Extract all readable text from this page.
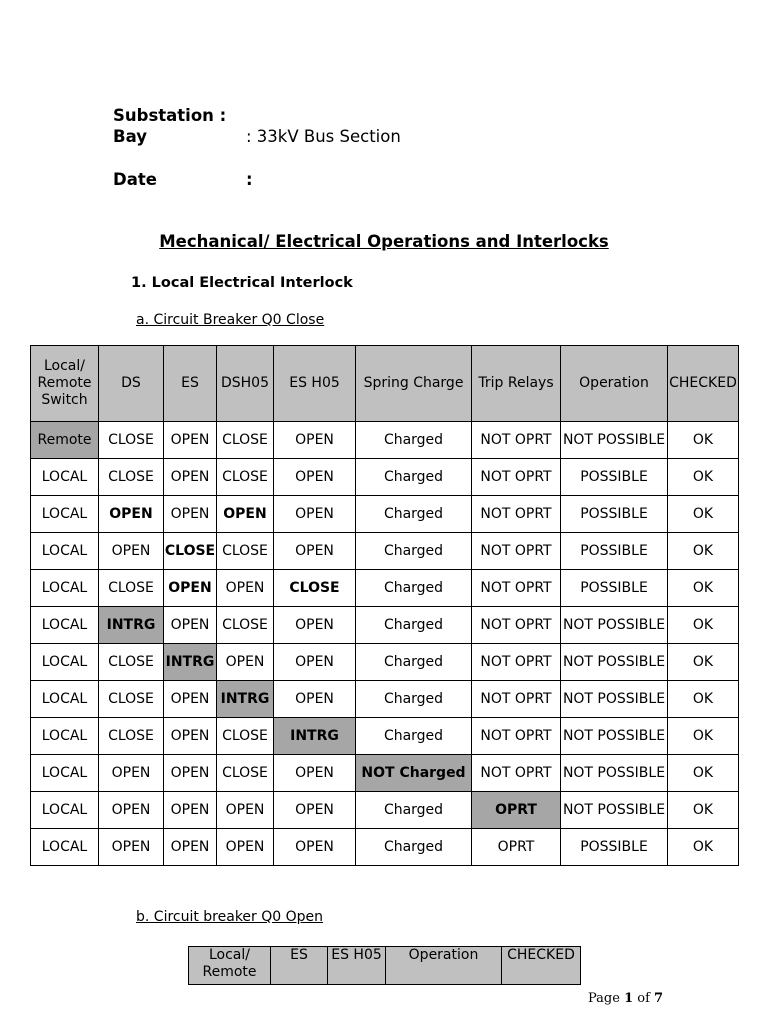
Substation :
Bay	: 33kV Bus Section
Date	:
Mechanical/ Electrical Operations and Interlocks
1. Local Electrical Interlock
a. Circuit Breaker Q0 Close
Local/ Remote Switch	DS	ES	DSH05	ES H05	Spring Charge	Trip Relays	Operation	CHECKED
Remote	CLOSE	OPEN	CLOSE	OPEN	Charged	NOT OPRT	NOT POSSIBLE	OK
LOCAL	CLOSE	OPEN	CLOSE	OPEN	Charged	NOT OPRT	POSSIBLE	OK
LOCAL	OPEN	OPEN	OPEN	OPEN	Charged	NOT OPRT	POSSIBLE	OK
LOCAL	OPEN	CLOSE	CLOSE	OPEN	Charged	NOT OPRT	POSSIBLE	OK
LOCAL	CLOSE	OPEN	OPEN	CLOSE	Charged	NOT OPRT	POSSIBLE	OK
LOCAL	INTRG	OPEN	CLOSE	OPEN	Charged	NOT OPRT	NOT POSSIBLE	OK
LOCAL	CLOSE	INTRG	OPEN	OPEN	Charged	NOT OPRT	NOT POSSIBLE	OK
LOCAL	CLOSE	OPEN	INTRG	OPEN	Charged	NOT OPRT	NOT POSSIBLE	OK
LOCAL	CLOSE	OPEN	CLOSE	INTRG	Charged	NOT OPRT	NOT POSSIBLE	OK
LOCAL	OPEN	OPEN	CLOSE	OPEN	NOT Charged	NOT OPRT	NOT POSSIBLE	OK
LOCAL	OPEN	OPEN	OPEN	OPEN	Charged	OPRT	NOT POSSIBLE	OK
LOCAL	OPEN	OPEN	OPEN	OPEN	Charged	OPRT	POSSIBLE	OK
b. Circuit breaker Q0 Open
Local/ Remote	ES	ES H05	Operation	CHECKED
Page 1 of 7
